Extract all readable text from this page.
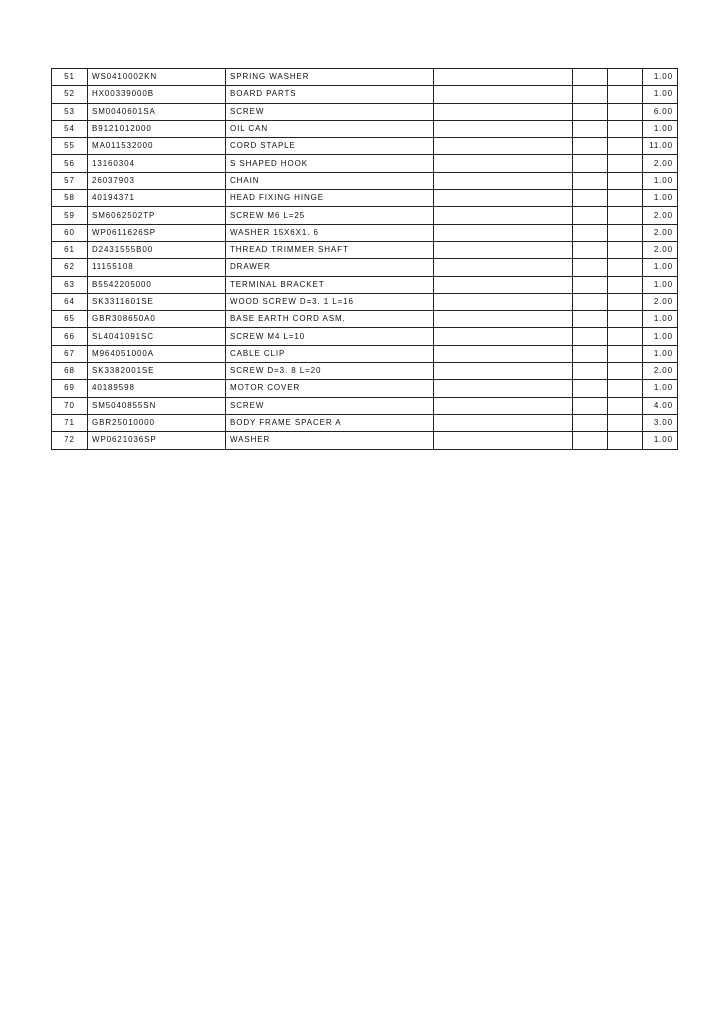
51	WS0410002KN	SPRING WASHER				1.00
52	HX00339000B	BOARD PARTS				1.00
53	SM0040601SA	SCREW				6.00
54	B9121012000	OIL CAN				1.00
55	MA011532000	CORD STAPLE				11.00
56	13160304	S SHAPED HOOK				2.00
57	26037903	CHAIN				1.00
58	40194371	HEAD FIXING HINGE				1.00
59	SM6062502TP	SCREW M6 L=25				2.00
60	WP0611626SP	WASHER 15X6X1. 6				2.00
61	D2431555B00	THREAD TRIMMER SHAFT				2.00
62	11155108	DRAWER				1.00
63	B5542205000	TERMINAL BRACKET				1.00
64	SK3311601SE	WOOD SCREW D=3. 1 L=16				2.00
65	GBR308650A0	BASE EARTH CORD ASM.				1.00
66	SL4041091SC	SCREW M4 L=10				1.00
67	M964051000A	CABLE CLIP				1.00
68	SK3382001SE	SCREW D=3. 8 L=20				2.00
69	40189598	MOTOR COVER				1.00
70	SM5040855SN	SCREW				4.00
71	GBR25010000	BODY FRAME SPACER A				3.00
72	WP0621036SP	WASHER				1.00
